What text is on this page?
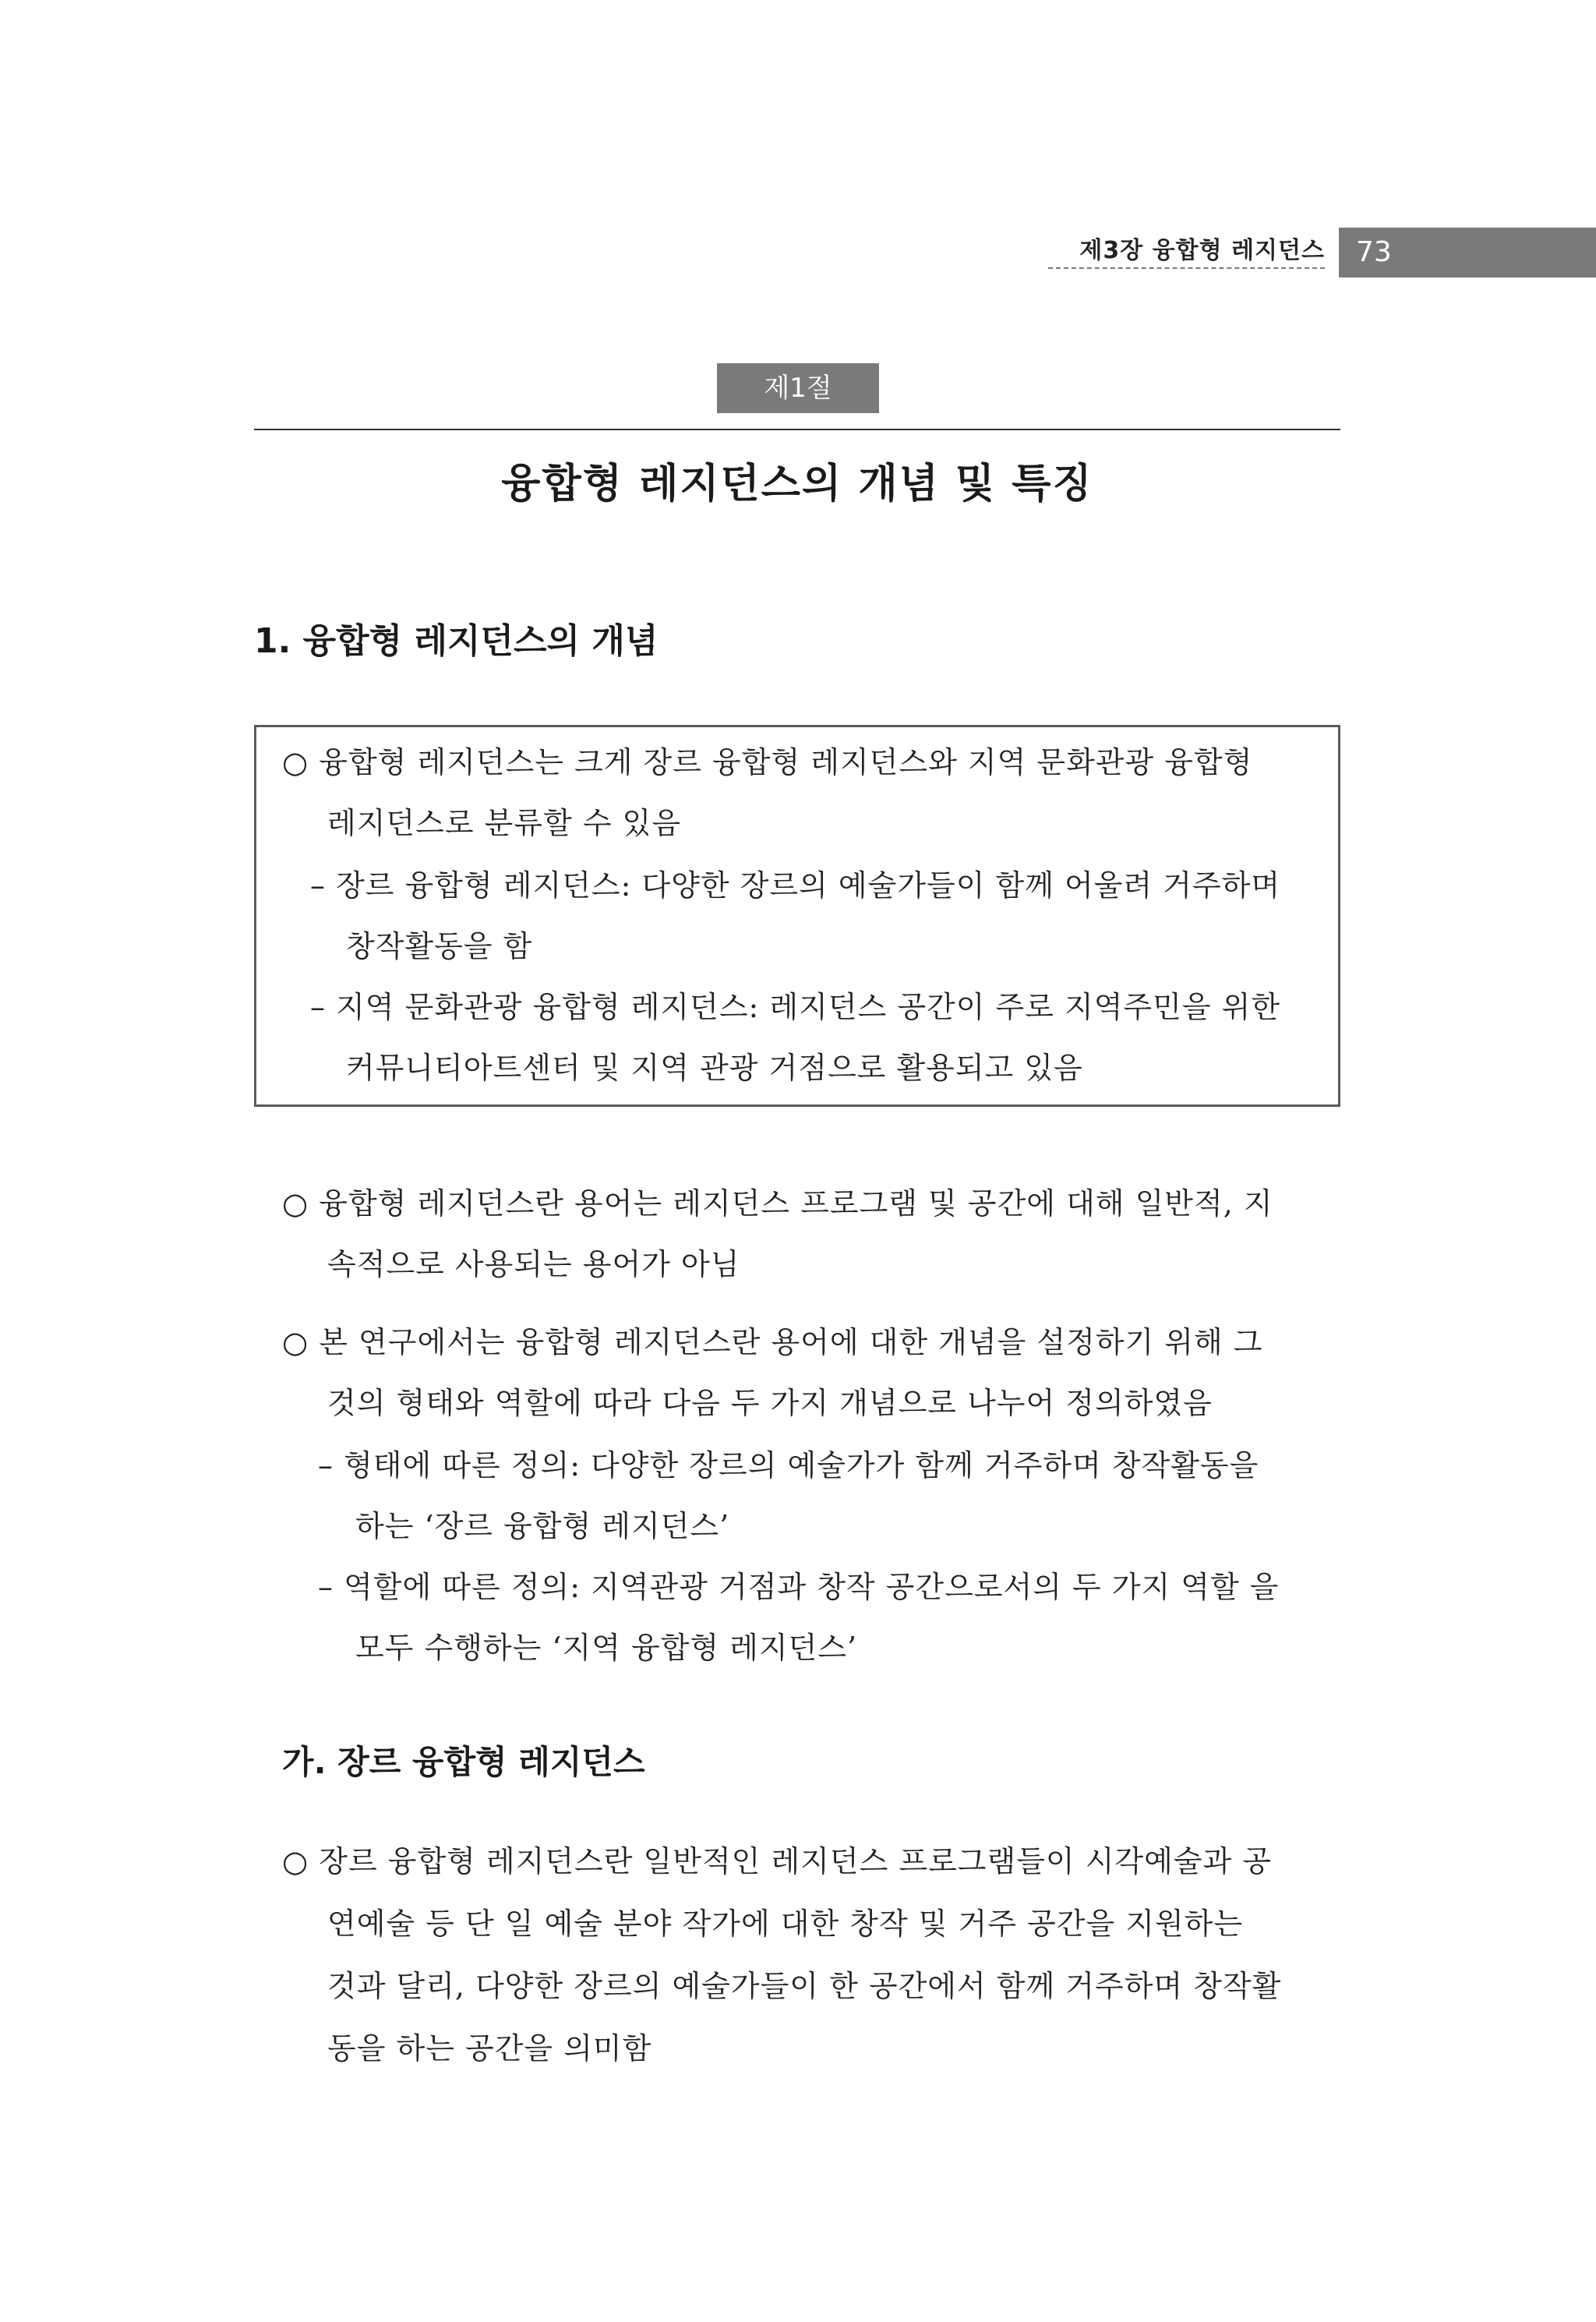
제3장 융합형 레지던스	73
제1절
융합형 레지던스의 개념 및 특징
1. 융합형 레지던스의 개념
○ 융합형 레지던스는 크게 장르 융합형 레지던스와 지역 문화관광 융합형
레지던스로 분류할 수 있음
– 장르 융합형 레지던스: 다양한 장르의 예술가들이 함께 어울려 거주하며
창작활동을 함
– 지역 문화관광 융합형 레지던스: 레지던스 공간이 주로 지역주민을 위한
커뮤니티아트센터 및 지역 관광 거점으로 활용되고 있음
○ 융합형 레지던스란 용어는 레지던스 프로그램 및 공간에 대해 일반적, 지
속적으로 사용되는 용어가 아님
○ 본 연구에서는 융합형 레지던스란 용어에 대한 개념을 설정하기 위해 그
것의 형태와 역할에 따라 다음 두 가지 개념으로 나누어 정의하였음
– 형태에 따른 정의: 다양한 장르의 예술가가 함께 거주하며 창작활동을
하는 ‘장르 융합형 레지던스’
– 역할에 따른 정의: 지역관광 거점과 창작 공간으로서의 두 가지 역할 을
모두 수행하는 ‘지역 융합형 레지던스’
가. 장르 융합형 레지던스
○ 장르 융합형 레지던스란 일반적인 레지던스 프로그램들이 시각예술과 공
연예술 등 단 일 예술 분야 작가에 대한 창작 및 거주 공간을 지원하는
것과 달리, 다양한 장르의 예술가들이 한 공간에서 함께 거주하며 창작활
동을 하는 공간을 의미함
